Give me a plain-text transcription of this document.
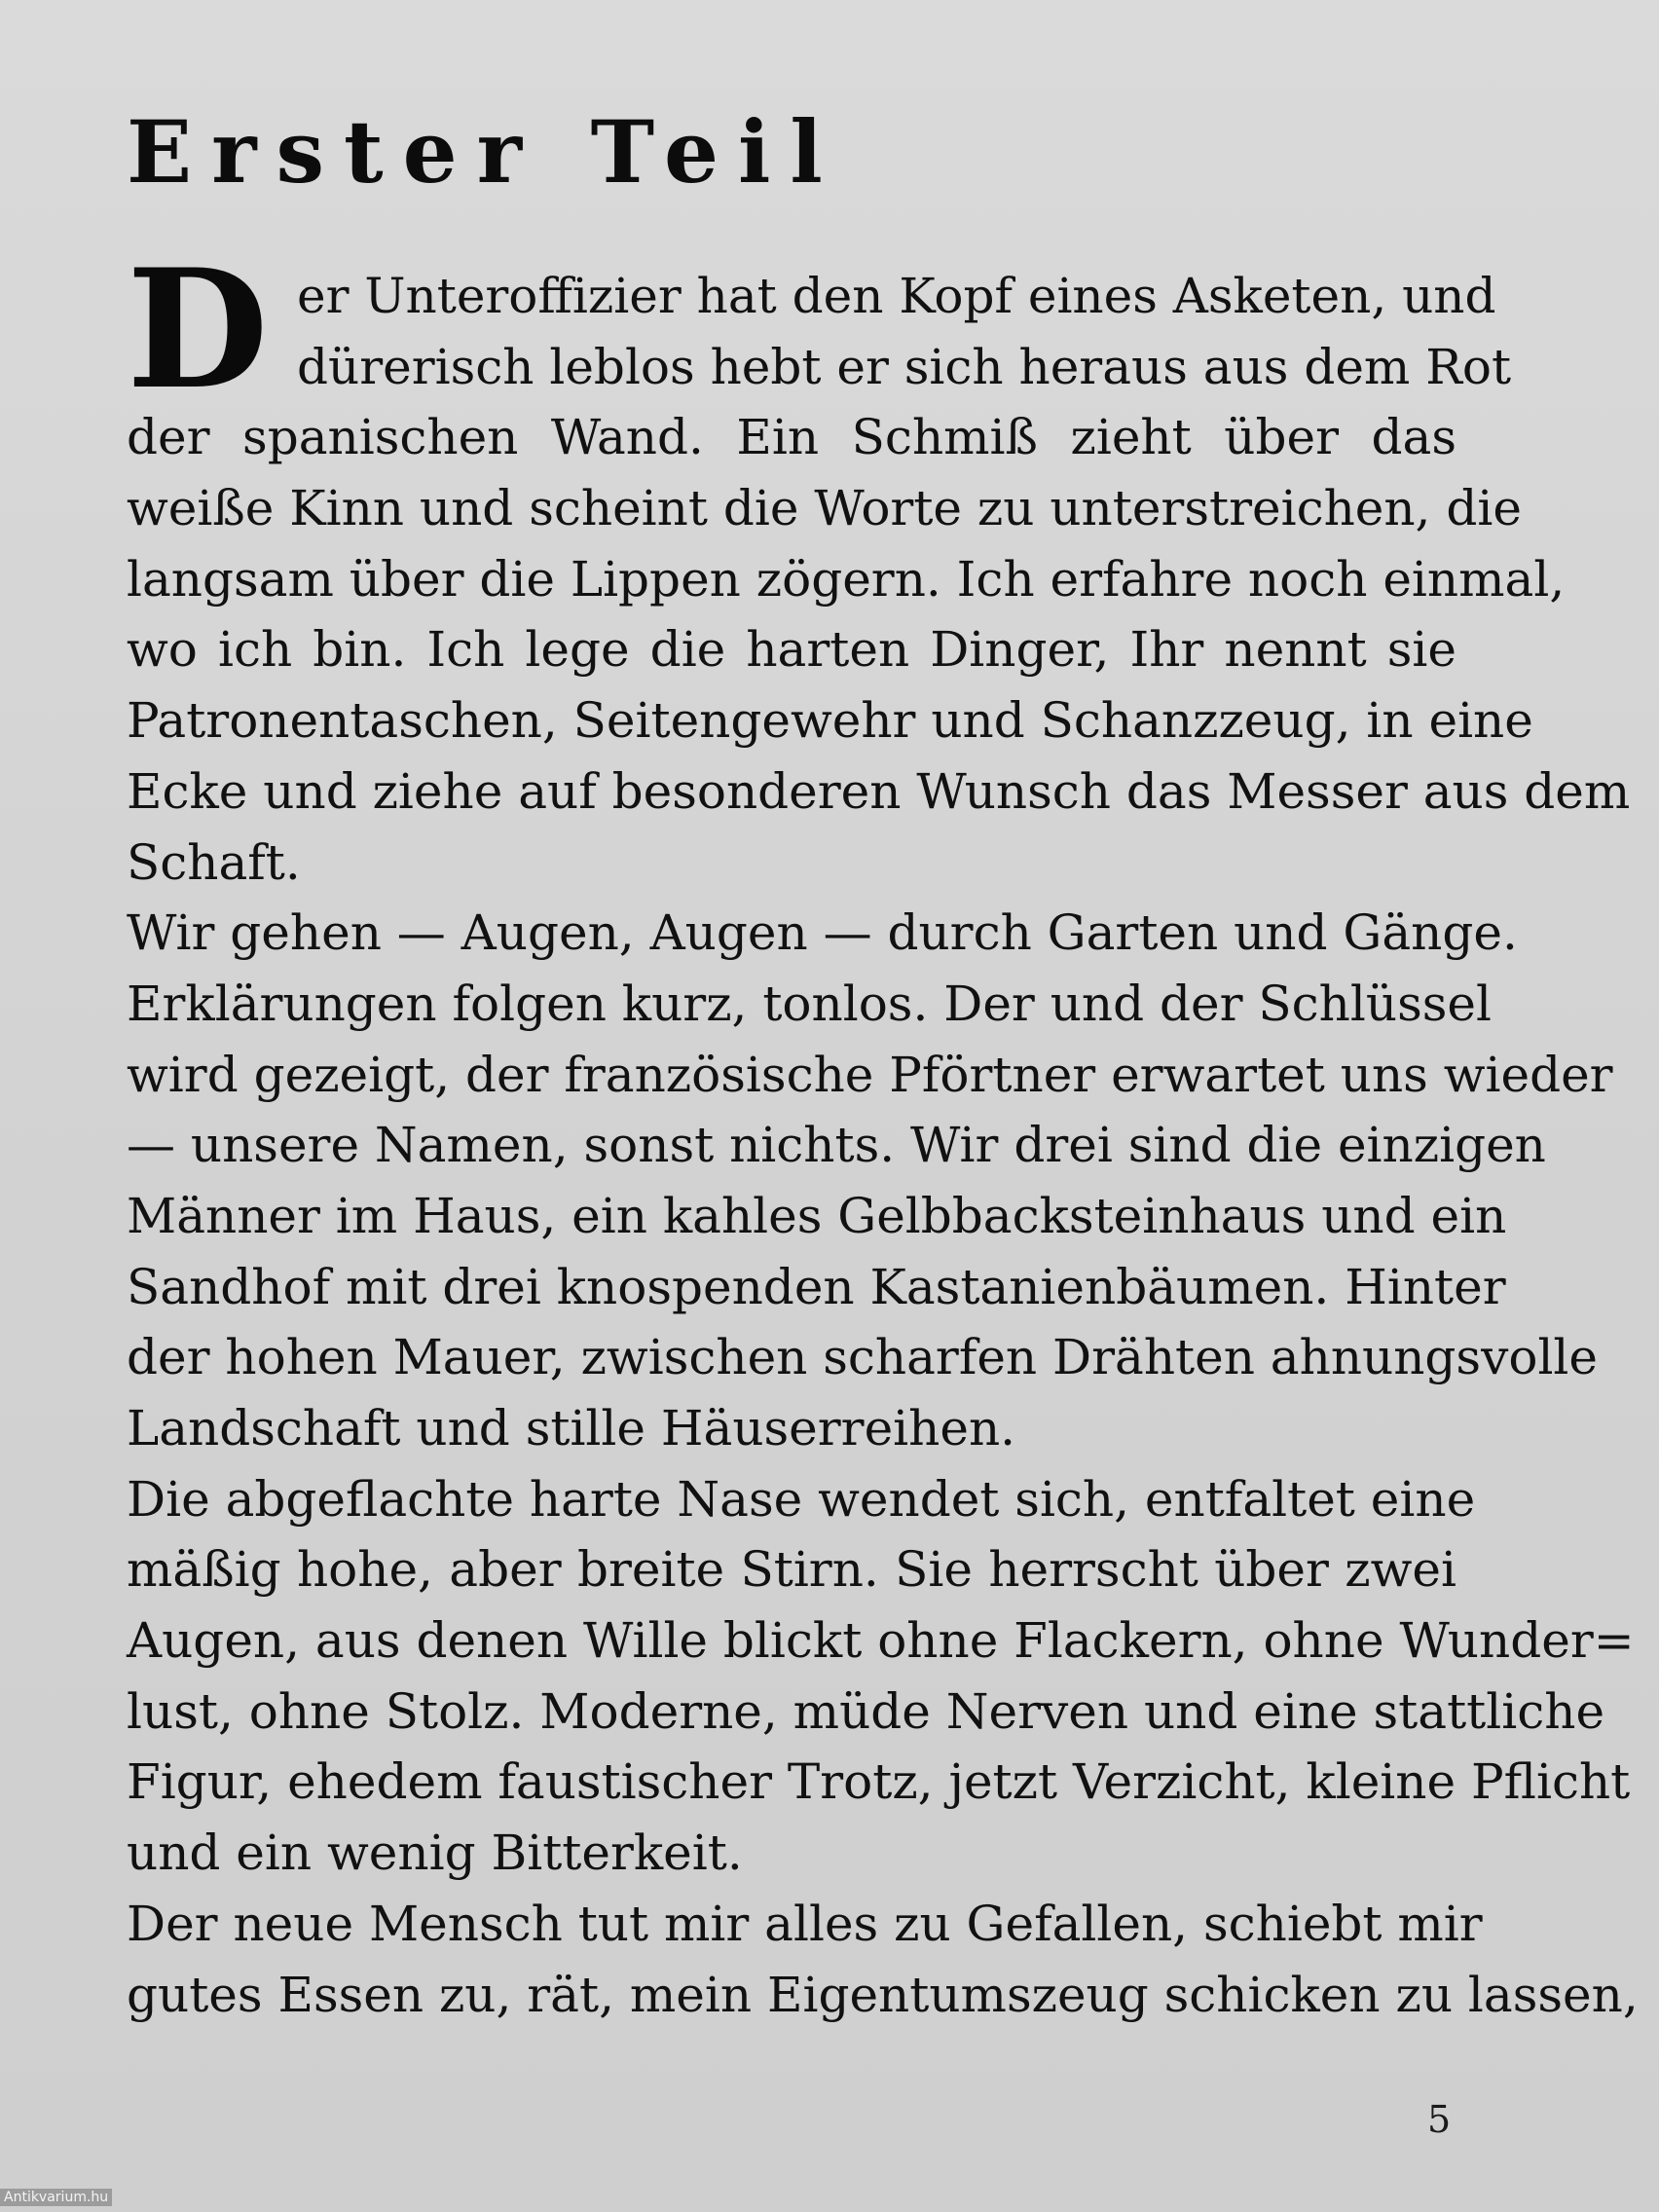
Erster Teil
D er Unteroffizier hat den Kopf eines Asketen, und
dürerisch leblos hebt er sich heraus aus dem Rot
der spanischen Wand. Ein Schmiß zieht über das
weiße Kinn und scheint die Worte zu unterstreichen, die
langsam über die Lippen zögern. Ich erfahre noch einmal,
wo ich bin. Ich lege die harten Dinger, Ihr nennt sie
Patronentaschen, Seitengewehr und Schanzzeug, in eine
Ecke und ziehe auf besonderen Wunsch das Messer aus dem
Schaft.
Wir gehen — Augen, Augen — durch Garten und Gänge.
Erklärungen folgen kurz, tonlos. Der und der Schlüssel
wird gezeigt, der französische Pförtner erwartet uns wieder
— unsere Namen, sonst nichts. Wir drei sind die einzigen
Männer im Haus, ein kahles Gelbbacksteinhaus und ein
Sandhof mit drei knospenden Kastanienbäumen. Hinter
der hohen Mauer, zwischen scharfen Drähten ahnungsvolle
Landschaft und stille Häuserreihen.
Die abgeflachte harte Nase wendet sich, entfaltet eine
mäßig hohe, aber breite Stirn. Sie herrscht über zwei
Augen, aus denen Wille blickt ohne Flackern, ohne Wunder=
lust, ohne Stolz. Moderne, müde Nerven und eine stattliche
Figur, ehedem faustischer Trotz, jetzt Verzicht, kleine Pflicht
und ein wenig Bitterkeit.
Der neue Mensch tut mir alles zu Gefallen, schiebt mir
gutes Essen zu, rät, mein Eigentumszeug schicken zu lassen,
5
Antikvarium.hu
